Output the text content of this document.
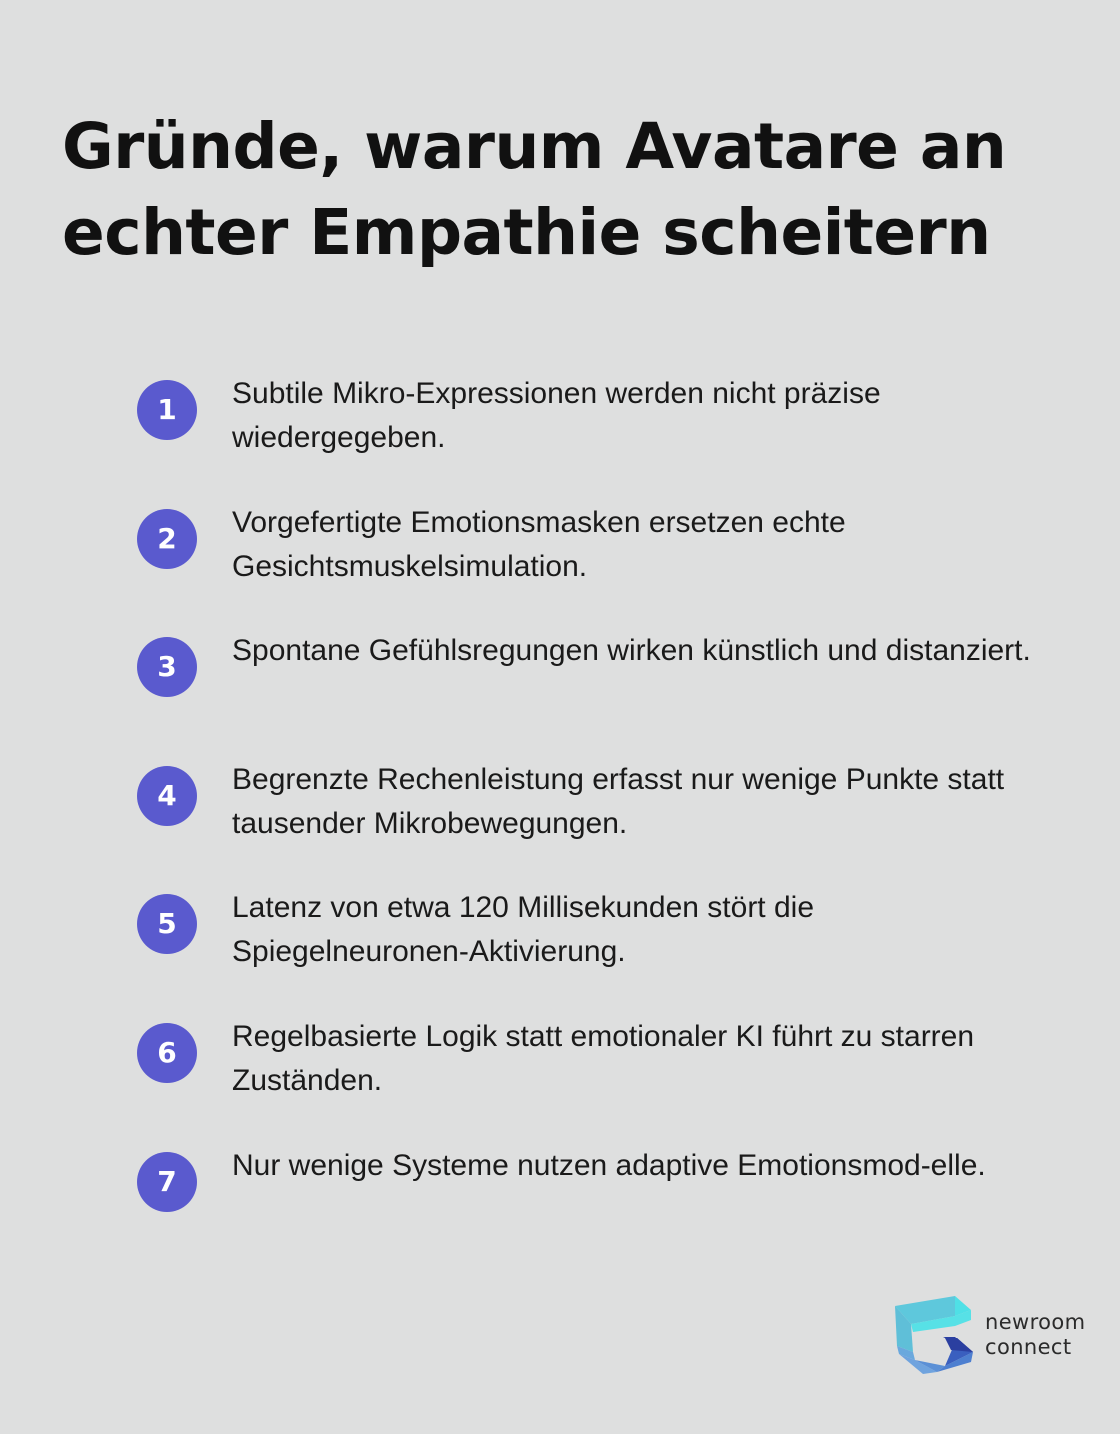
Gründe, warum Avatare an
echter Empathie scheitern
1	Subtile Mikro-Expressionen werden nicht präzise wiedergegeben.
2	Vorgefertigte Emotionsmasken ersetzen echte Gesichtsmuskelsimulation.
3	Spontane Gefühlsregungen wirken künstlich und distanziert.
4	Begrenzte Rechenleistung erfasst nur wenige Punkte statt tausender Mikrobewegungen.
5	Latenz von etwa 120 Millisekunden stört die Spiegelneuronen-Aktivierung.
6	Regelbasierte Logik statt emotionaler KI führt zu starren Zuständen.
7	Nur wenige Systeme nutzen adaptive Emotionsmod-elle.
newroom
connect
